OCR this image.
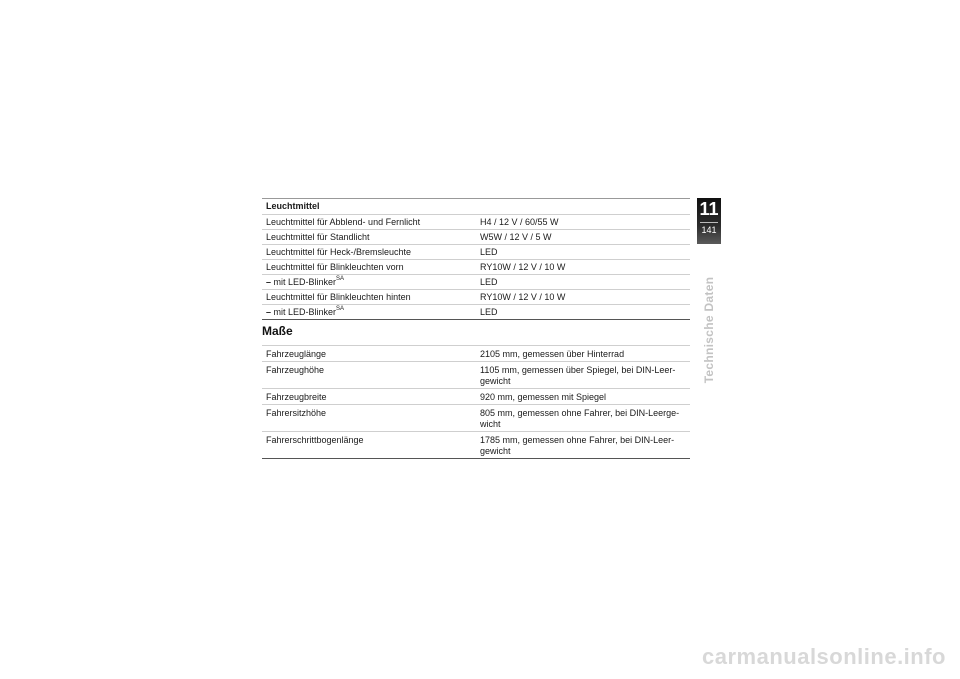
Leuchtmittel	
Leuchtmittel für Abblend- und Fernlicht	H4 / 12 V / 60/55 W
Leuchtmittel für Standlicht	W5W / 12 V / 5 W
Leuchtmittel für Heck-/Bremsleuchte	LED
Leuchtmittel für Blinkleuchten vorn	RY10W / 12 V / 10 W
– mit LED-Blinker$^{SA}$	LED
Leuchtmittel für Blinkleuchten hinten	RY10W / 12 V / 10 W
– mit LED-Blinker$^{SA}$	LED
Maße
Fahrzeuglänge	2105 mm, gemessen über Hinterrad

Fahrzeughöhe	1105 mm, gemessen über Spiegel, bei DIN-Leer-
gewicht

Fahrzeugbreite	920 mm, gemessen mit Spiegel

Fahrersitzhöhe	805 mm, gemessen ohne Fahrer, bei DIN-Leerge-
wicht

Fahrerschrittbogenlänge	1785 mm, gemessen ohne Fahrer, bei DIN-Leer-
gewicht
11
141
Technische Daten
carmanualsonline.info
